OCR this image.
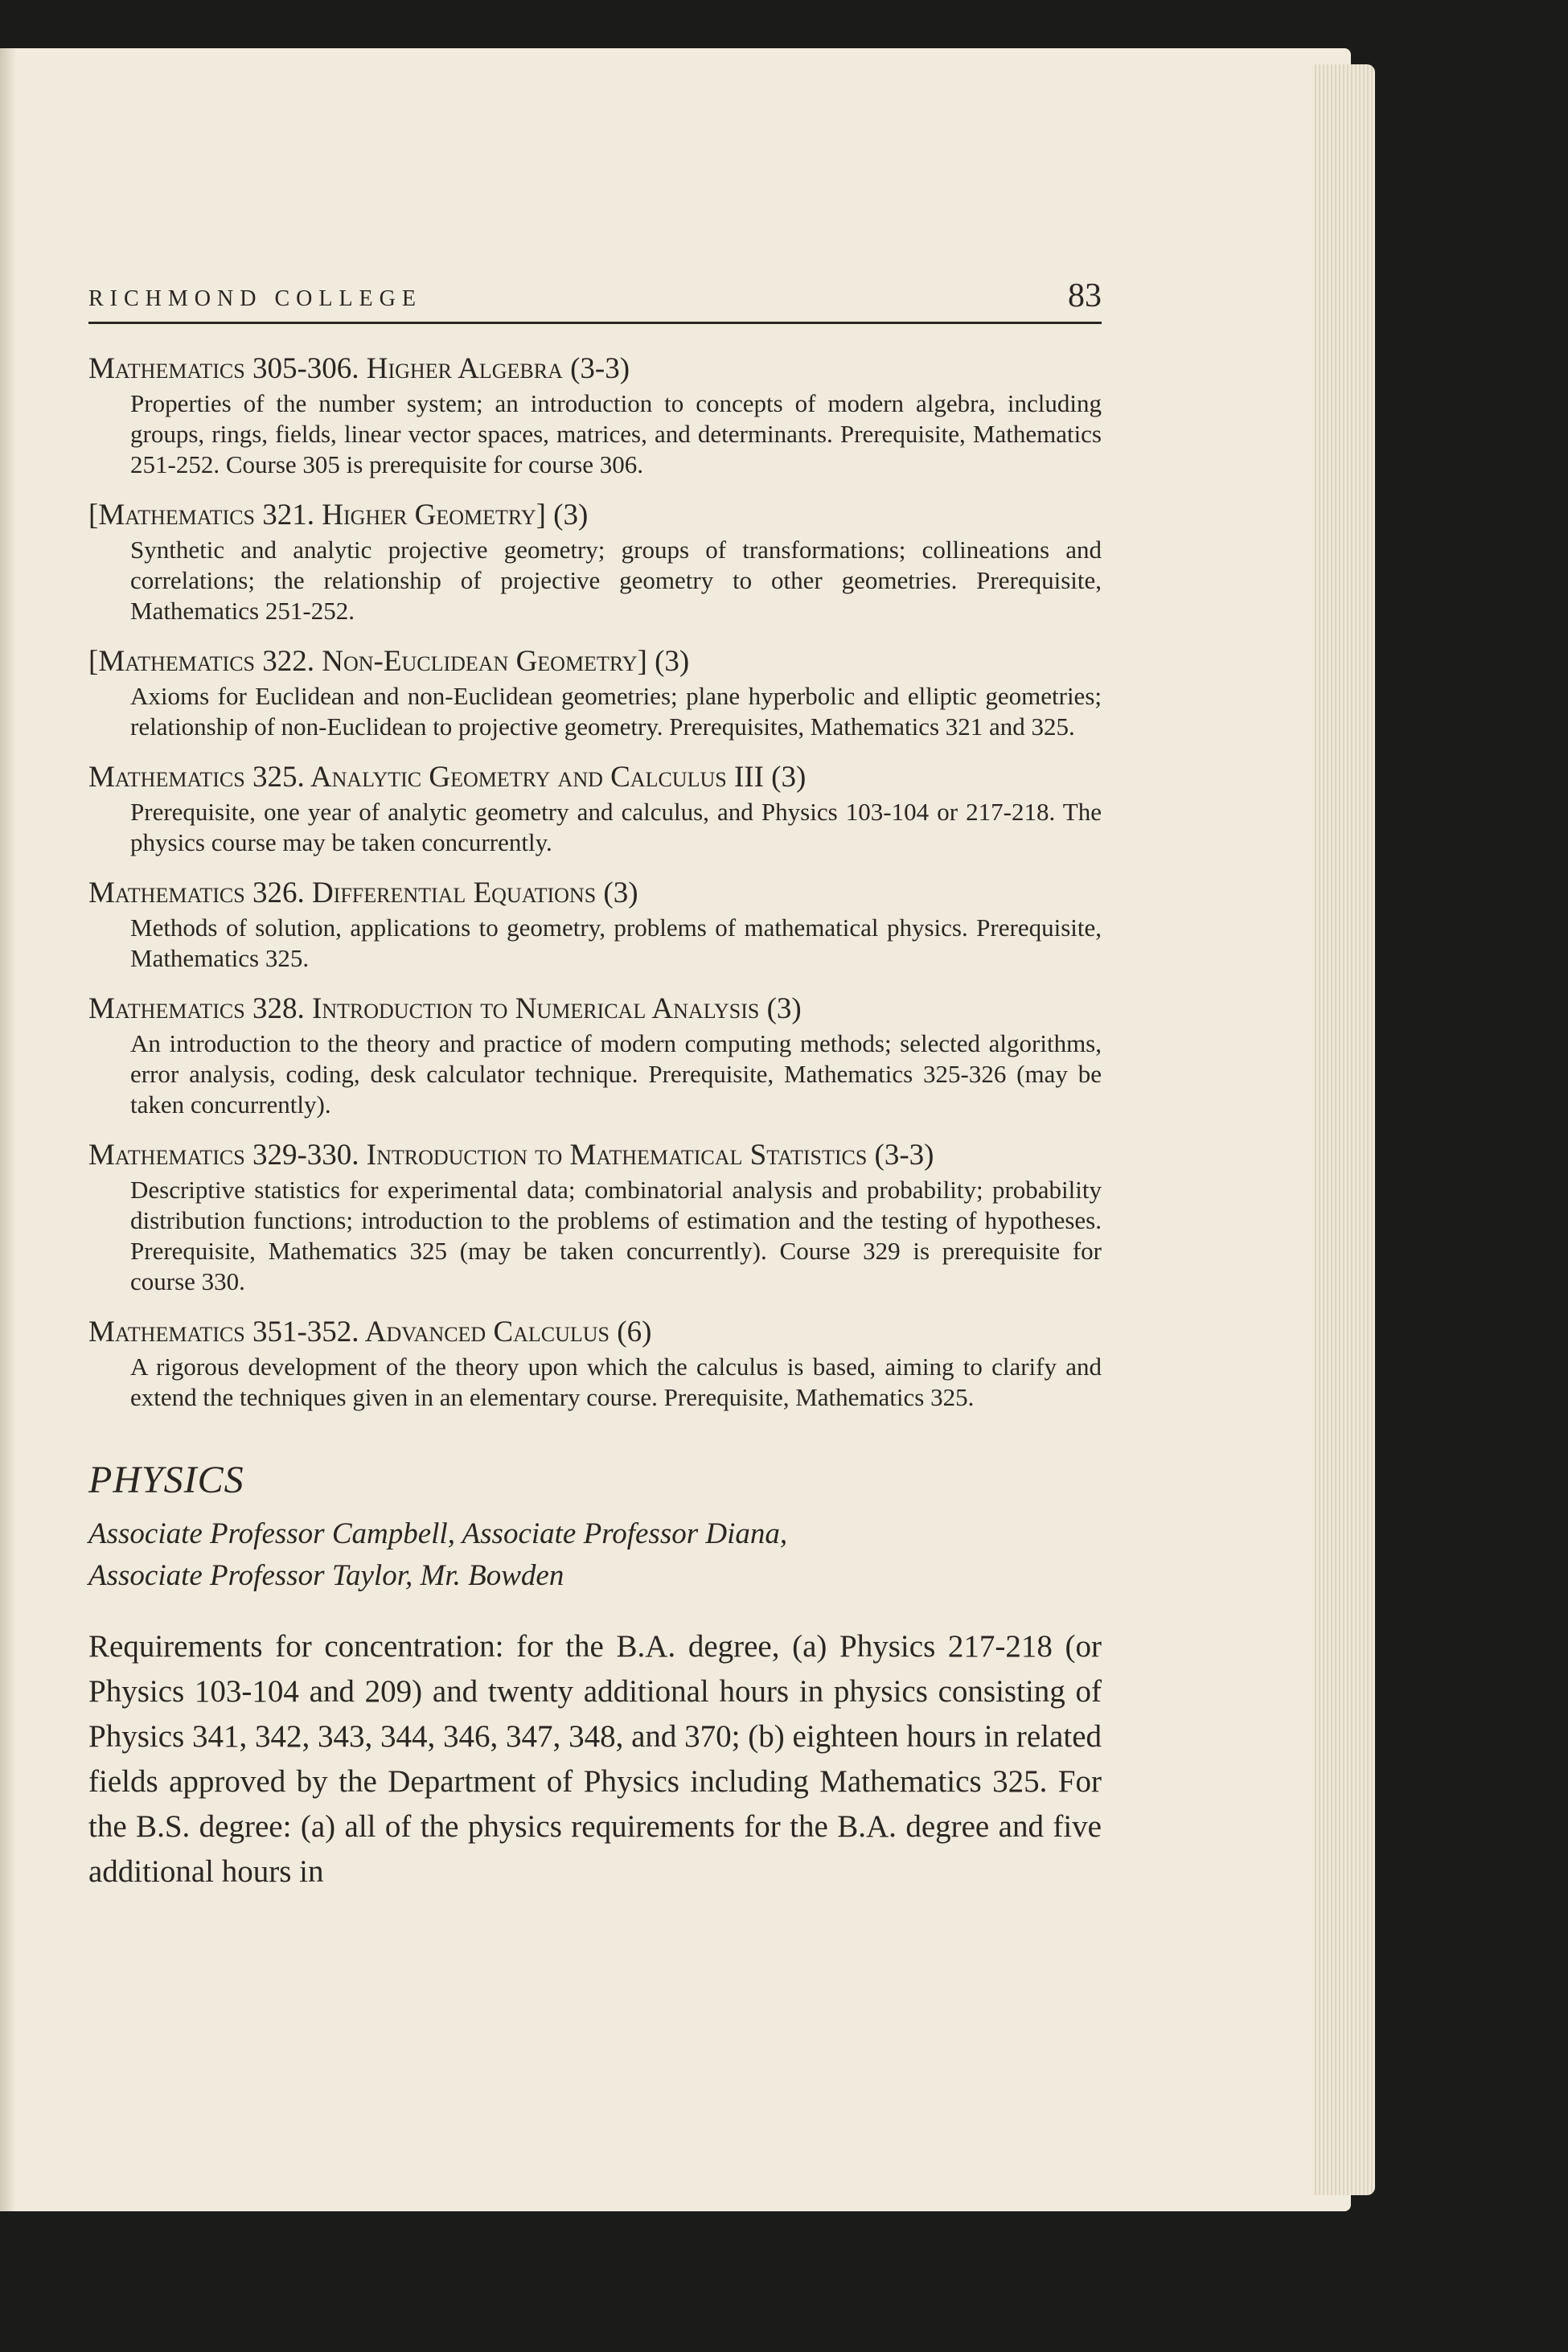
RICHMOND COLLEGE	83
Mathematics 305-306. Higher Algebra (3-3)
Properties of the number system; an introduction to concepts of modern algebra, including groups, rings, fields, linear vector spaces, matrices, and determinants. Prerequisite, Mathematics 251-252. Course 305 is prerequisite for course 306.
[Mathematics 321. Higher Geometry] (3)
Synthetic and analytic projective geometry; groups of transformations; collineations and correlations; the relationship of projective geometry to other geometries. Prerequisite, Mathematics 251-252.
[Mathematics 322. Non-Euclidean Geometry] (3)
Axioms for Euclidean and non-Euclidean geometries; plane hyperbolic and elliptic geometries; relationship of non-Euclidean to projective geometry. Prerequisites, Mathematics 321 and 325.
Mathematics 325. Analytic Geometry and Calculus III (3)
Prerequisite, one year of analytic geometry and calculus, and Physics 103-104 or 217-218. The physics course may be taken concurrently.
Mathematics 326. Differential Equations (3)
Methods of solution, applications to geometry, problems of mathematical physics. Prerequisite, Mathematics 325.
Mathematics 328. Introduction to Numerical Analysis (3)
An introduction to the theory and practice of modern computing methods; selected algorithms, error analysis, coding, desk calculator technique. Prerequisite, Mathematics 325-326 (may be taken concurrently).
Mathematics 329-330. Introduction to Mathematical Statistics (3-3)
Descriptive statistics for experimental data; combinatorial analysis and probability; probability distribution functions; introduction to the problems of estimation and the testing of hypotheses. Prerequisite, Mathematics 325 (may be taken concurrently). Course 329 is prerequisite for course 330.
Mathematics 351-352. Advanced Calculus (6)
A rigorous development of the theory upon which the calculus is based, aiming to clarify and extend the techniques given in an elementary course. Prerequisite, Mathematics 325.
PHYSICS
Associate Professor Campbell, Associate Professor Diana,
Associate Professor Taylor, Mr. Bowden
Requirements for concentration: for the B.A. degree, (a) Physics 217-218 (or Physics 103-104 and 209) and twenty additional hours in physics consisting of Physics 341, 342, 343, 344, 346, 347, 348, and 370; (b) eighteen hours in related fields approved by the Department of Physics including Mathematics 325. For the B.S. degree: (a) all of the physics requirements for the B.A. degree and five additional hours in
